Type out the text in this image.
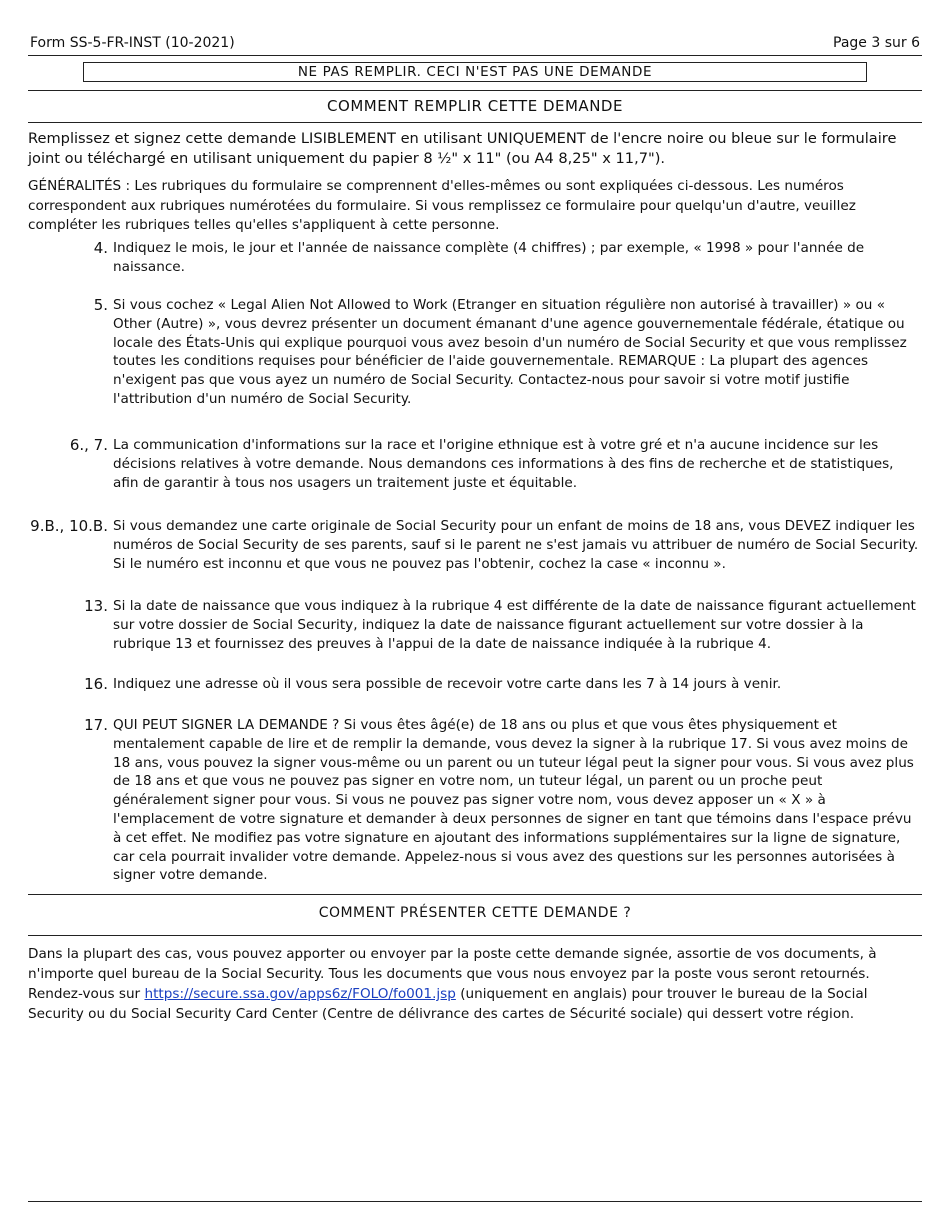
Form SS-5-FR-INST (10-2021)	Page 3 sur 6
NE PAS REMPLIR. CECI N'EST PAS UNE DEMANDE
COMMENT REMPLIR CETTE DEMANDE
Remplissez et signez cette demande LISIBLEMENT en utilisant UNIQUEMENT de l'encre noire ou bleue sur le formulaire joint ou téléchargé en utilisant uniquement du papier 8 ½" x 11" (ou A4 8,25" x 11,7").
GÉNÉRALITÉS : Les rubriques du formulaire se comprennent d'elles-mêmes ou sont expliquées ci-dessous. Les numéros correspondent aux rubriques numérotées du formulaire. Si vous remplissez ce formulaire pour quelqu'un d'autre, veuillez compléter les rubriques telles qu'elles s'appliquent à cette personne.
4. Indiquez le mois, le jour et l'année de naissance complète (4 chiffres) ; par exemple, « 1998 » pour l'année de naissance.
5. Si vous cochez « Legal Alien Not Allowed to Work (Etranger en situation régulière non autorisé à travailler) » ou « Other (Autre) », vous devrez présenter un document émanant d'une agence gouvernementale fédérale, étatique ou locale des États-Unis qui explique pourquoi vous avez besoin d'un numéro de Social Security et que vous remplissez toutes les conditions requises pour bénéficier de l'aide gouvernementale. REMARQUE : La plupart des agences n'exigent pas que vous ayez un numéro de Social Security. Contactez-nous pour savoir si votre motif justifie l'attribution d'un numéro de Social Security.
6., 7. La communication d'informations sur la race et l'origine ethnique est à votre gré et n'a aucune incidence sur les décisions relatives à votre demande. Nous demandons ces informations à des fins de recherche et de statistiques, afin de garantir à tous nos usagers un traitement juste et équitable.
9.B., 10.B. Si vous demandez une carte originale de Social Security pour un enfant de moins de 18 ans, vous DEVEZ indiquer les numéros de Social Security de ses parents, sauf si le parent ne s'est jamais vu attribuer de numéro de Social Security. Si le numéro est inconnu et que vous ne pouvez pas l'obtenir, cochez la case « inconnu ».
13. Si la date de naissance que vous indiquez à la rubrique 4 est différente de la date de naissance figurant actuellement sur votre dossier de Social Security, indiquez la date de naissance figurant actuellement sur votre dossier à la rubrique 13 et fournissez des preuves à l'appui de la date de naissance indiquée à la rubrique 4.
16. Indiquez une adresse où il vous sera possible de recevoir votre carte dans les 7 à 14 jours à venir.
17. QUI PEUT SIGNER LA DEMANDE ? Si vous êtes âgé(e) de 18 ans ou plus et que vous êtes physiquement et mentalement capable de lire et de remplir la demande, vous devez la signer à la rubrique 17. Si vous avez moins de 18 ans, vous pouvez la signer vous-même ou un parent ou un tuteur légal peut la signer pour vous. Si vous avez plus de 18 ans et que vous ne pouvez pas signer en votre nom, un tuteur légal, un parent ou un proche peut généralement signer pour vous. Si vous ne pouvez pas signer votre nom, vous devez apposer un « X » à l'emplacement de votre signature et demander à deux personnes de signer en tant que témoins dans l'espace prévu à cet effet. Ne modifiez pas votre signature en ajoutant des informations supplémentaires sur la ligne de signature, car cela pourrait invalider votre demande. Appelez-nous si vous avez des questions sur les personnes autorisées à signer votre demande.
COMMENT PRÉSENTER CETTE DEMANDE ?
Dans la plupart des cas, vous pouvez apporter ou envoyer par la poste cette demande signée, assortie de vos documents, à n'importe quel bureau de la Social Security. Tous les documents que vous nous envoyez par la poste vous seront retournés. Rendez-vous sur https://secure.ssa.gov/apps6z/FOLO/fo001.jsp (uniquement en anglais) pour trouver le bureau de la Social Security ou du Social Security Card Center (Centre de délivrance des cartes de Sécurité sociale) qui dessert votre région.
